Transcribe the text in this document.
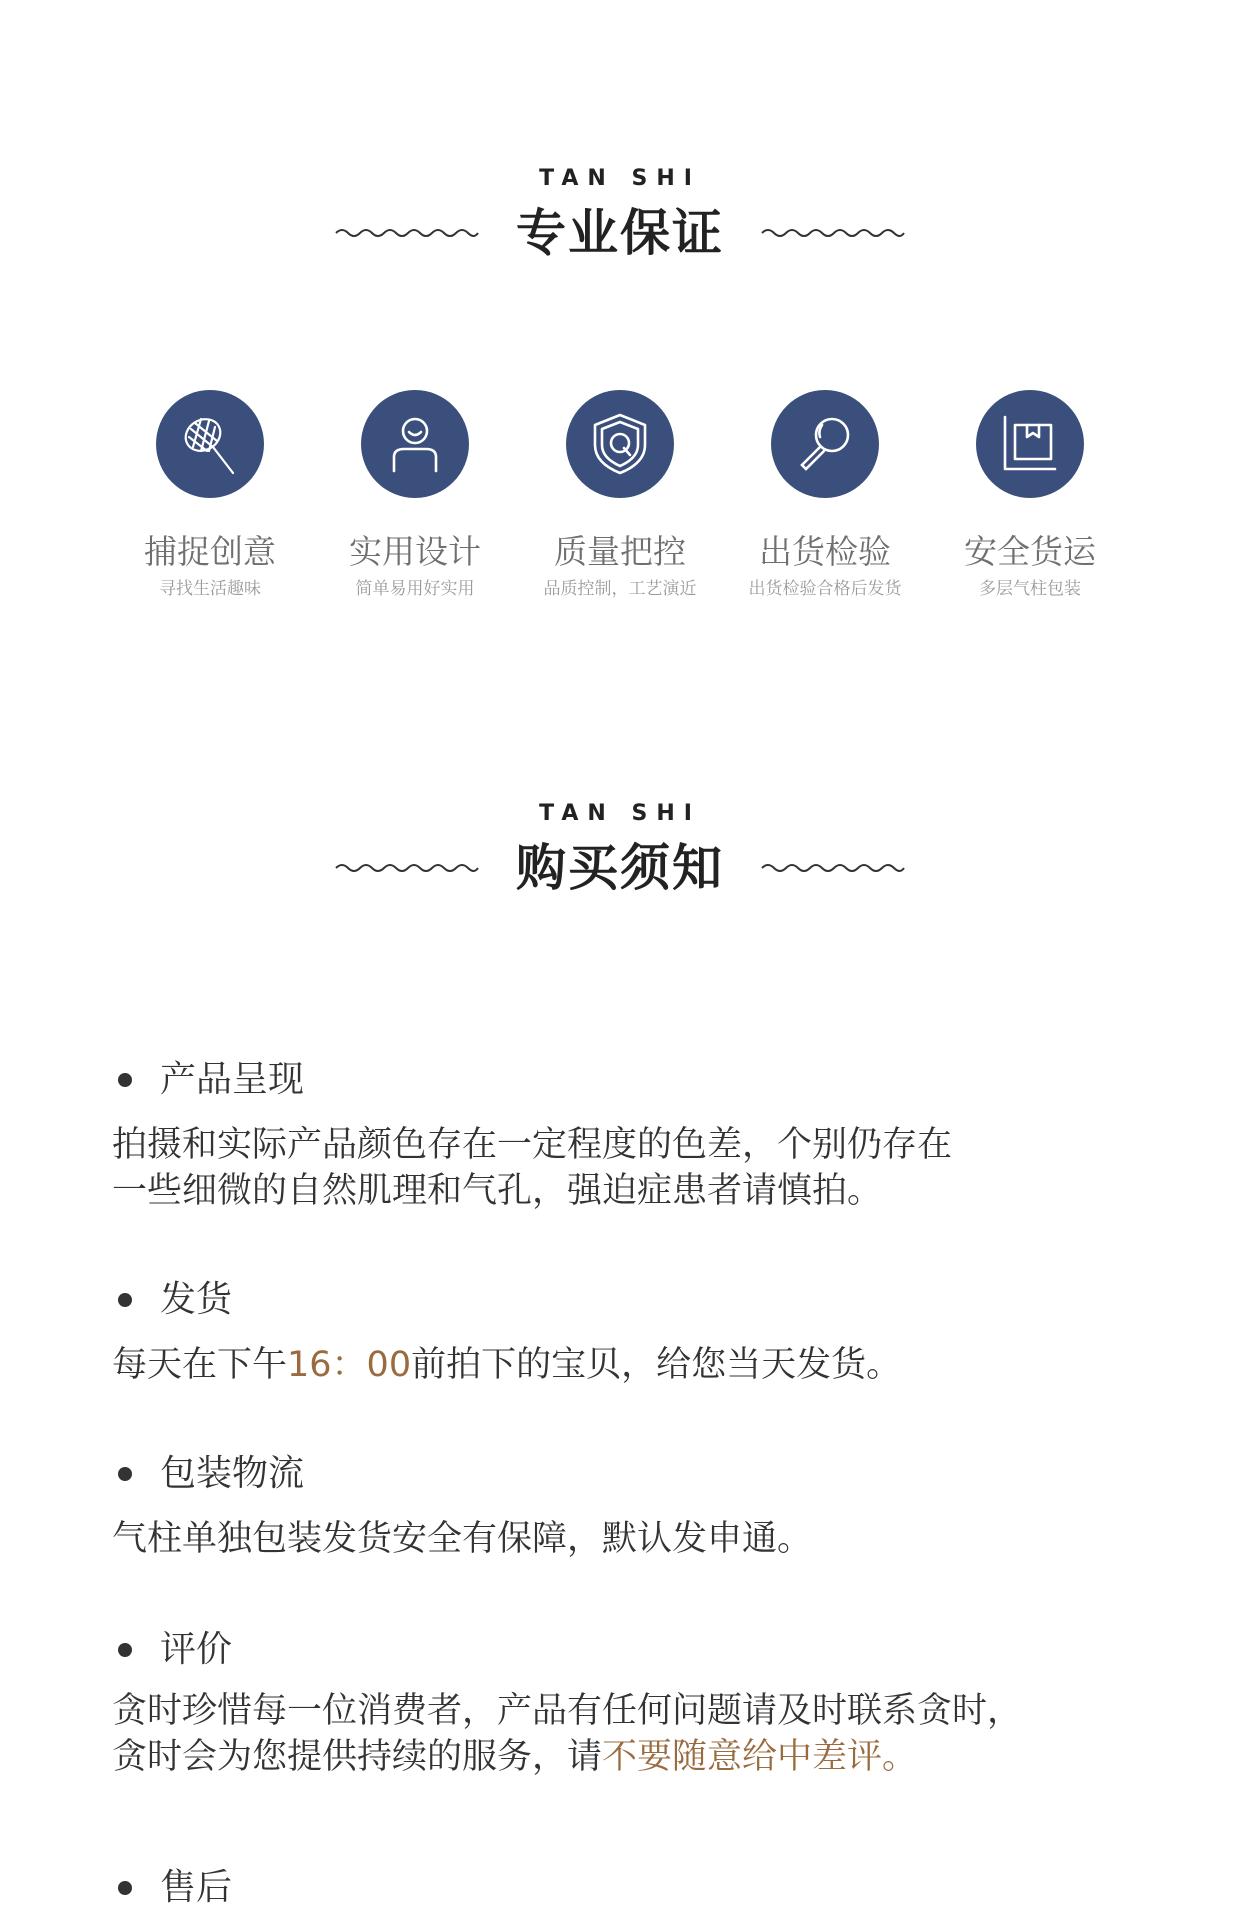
TAN SHI
专业保证
捕捉创意
寻找生活趣味
实用设计
简单易用好实用
质量把控
品质控制，工艺演近
出货检验
出货检验合格后发货
安全货运
多层气柱包装
TAN SHI
购买须知
产品呈现
拍摄和实际产品颜色存在一定程度的色差，个别仍存在
一些细微的自然肌理和气孔，强迫症患者请慎拍。
发货
每天在下午16：00前拍下的宝贝，给您当天发货。
包装物流
气柱单独包装发货安全有保障，默认发申通。
评价
贪时珍惜每一位消费者，产品有任何问题请及时联系贪时，
贪时会为您提供持续的服务，请不要随意给中差评。
售后
